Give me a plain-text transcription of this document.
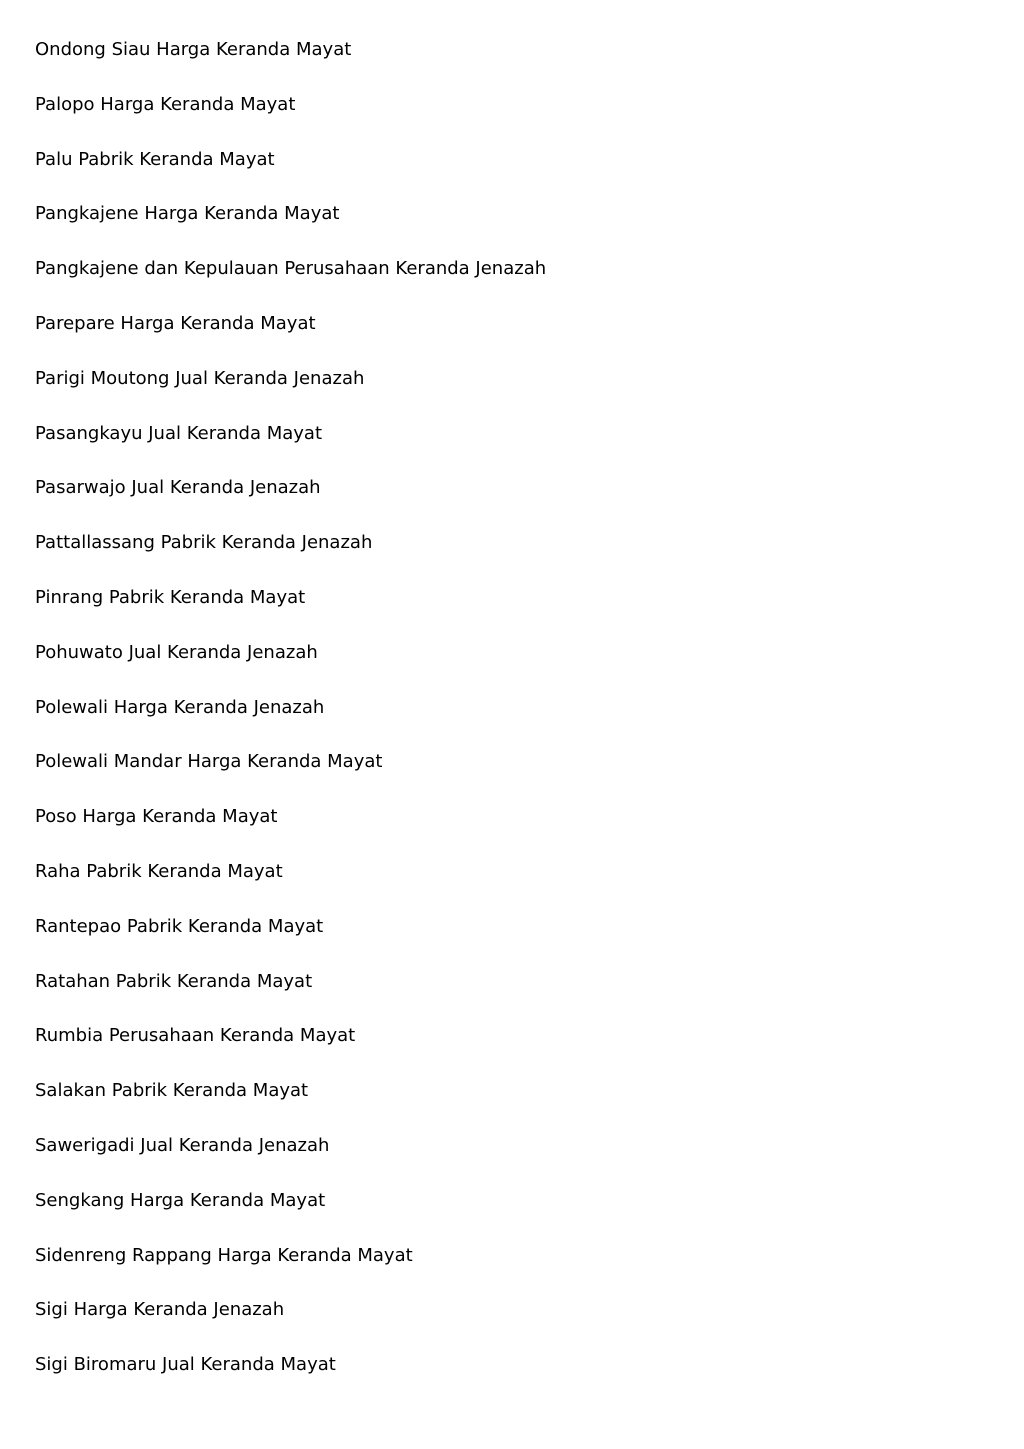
Ondong Siau Harga Keranda Mayat
Palopo Harga Keranda Mayat
Palu Pabrik Keranda Mayat
Pangkajene Harga Keranda Mayat
Pangkajene dan Kepulauan Perusahaan Keranda Jenazah
Parepare Harga Keranda Mayat
Parigi Moutong Jual Keranda Jenazah
Pasangkayu Jual Keranda Mayat
Pasarwajo Jual Keranda Jenazah
Pattallassang Pabrik Keranda Jenazah
Pinrang Pabrik Keranda Mayat
Pohuwato Jual Keranda Jenazah
Polewali Harga Keranda Jenazah
Polewali Mandar Harga Keranda Mayat
Poso Harga Keranda Mayat
Raha Pabrik Keranda Mayat
Rantepao Pabrik Keranda Mayat
Ratahan Pabrik Keranda Mayat
Rumbia Perusahaan Keranda Mayat
Salakan Pabrik Keranda Mayat
Sawerigadi Jual Keranda Jenazah
Sengkang Harga Keranda Mayat
Sidenreng Rappang Harga Keranda Mayat
Sigi Harga Keranda Jenazah
Sigi Biromaru Jual Keranda Mayat
